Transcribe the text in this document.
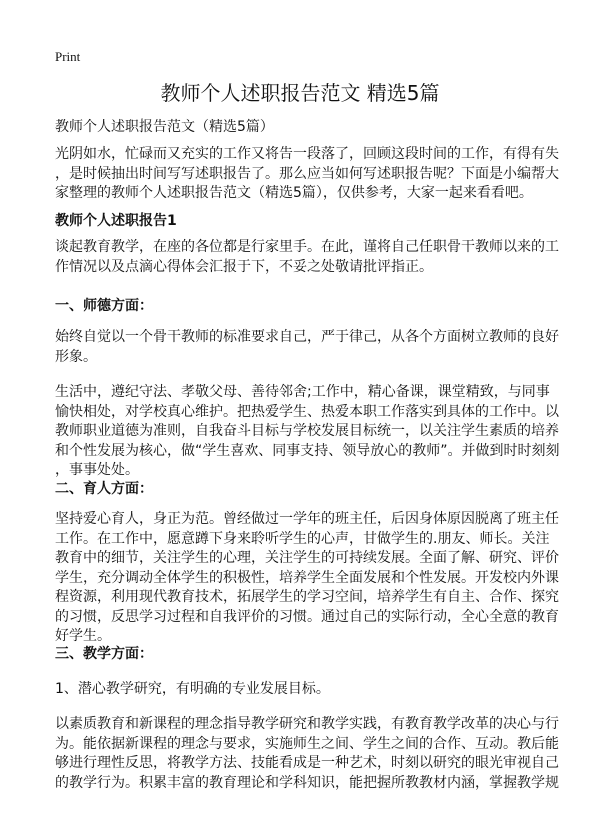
Print
教师个人述职报告范文 精选5篇
教师个人述职报告范文（精选5篇）
光阴如水，忙碌而又充实的工作又将告一段落了，回顾这段时间的工作，有得有失
，是时候抽出时间写写述职报告了。那么应当如何写述职报告呢？下面是小编帮大
家整理的教师个人述职报告范文（精选5篇），仅供参考，大家一起来看看吧。
教师个人述职报告1
谈起教育教学，在座的各位都是行家里手。在此，谨将自己任职骨干教师以来的工
作情况以及点滴心得体会汇报于下，不妥之处敬请批评指正。
一、师德方面：
始终自觉以一个骨干教师的标准要求自己，严于律己，从各个方面树立教师的良好
形象。
生活中，遵纪守法、孝敬父母、善待邻舍;工作中，精心备课，课堂精致，与同事
愉快相处，对学校真心维护。把热爱学生、热爱本职工作落实到具体的工作中。以
教师职业道德为准则，自我奋斗目标与学校发展目标统一，以关注学生素质的培养
和个性发展为核心，做“学生喜欢、同事支持、领导放心的教师”。并做到时时刻刻
，事事处处。
二、育人方面：
坚持爱心育人，身正为范。曾经做过一学年的班主任，后因身体原因脱离了班主任
工作。在工作中，愿意蹲下身来聆听学生的心声，甘做学生的.朋友、师长。关注
教育中的细节，关注学生的心理，关注学生的可持续发展。全面了解、研究、评价
学生，充分调动全体学生的积极性，培养学生全面发展和个性发展。开发校内外课
程资源，利用现代教育技术，拓展学生的学习空间，培养学生有自主、合作、探究
的习惯，反思学习过程和自我评价的习惯。通过自己的实际行动，全心全意的教育
好学生。
三、教学方面：
1、潜心教学研究，有明确的专业发展目标。
以素质教育和新课程的理念指导教学研究和教学实践，有教育教学改革的决心与行
为。能依据新课程的理念与要求，实施师生之间、学生之间的合作、互动。教后能
够进行理性反思，将教学方法、技能看成是一种艺术，时刻以研究的眼光审视自己
的教学行为。积累丰富的教育理论和学科知识，能把握所教教材内涵，掌握教学规
